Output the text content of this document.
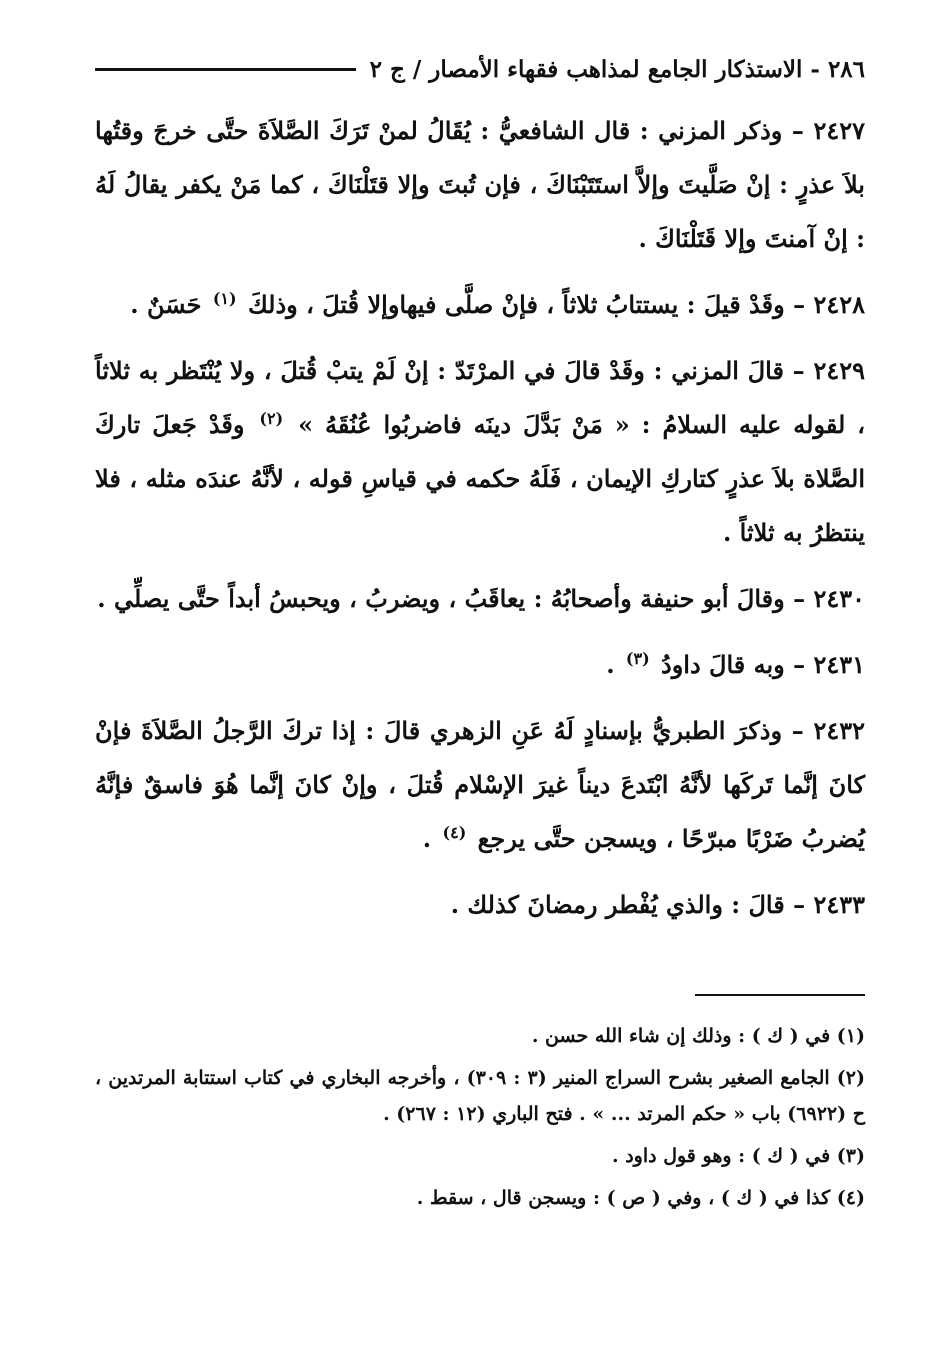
٢٨٦ - الاستذكار الجامع لمذاهب فقهاء الأمصار / ج ٢

٢٤٢٧ – وذكر المزني : قال الشافعيُّ : يُقَالُ لمنْ تَرَكَ الصَّلاَةَ حتَّى خرجَ وقتُها بلاَ عذرٍ : إنْ صَلَّيتَ وإلاَّ استَتَبْنَاكَ ، فإن تُبتَ وإلا قتَلْنَاكَ ، كما مَنْ يكفر يقالُ لَهُ : إنْ آمنتَ وإلا قَتَلْنَاكَ .

٢٤٢٨ – وقَدْ قيلَ : يستتابُ ثلاثاً ، فإنْ صلَّى فيهاوإلا قُتلَ ، وذلكَ $^{(١)}$ حَسَنٌ .

٢٤٢٩ – قالَ المزني : وقَدْ قالَ في المرْتَدّ : إنْ لَمْ يتبْ قُتلَ ، ولا يُنْتَظر به ثلاثاً ، لقوله عليه السلامُ : « مَنْ بَدَّلَ دينَه فاضربُوا عُنُقَهُ » $^{(٢)}$ وقَدْ جَعلَ تاركَ الصَّلاة بلاَ عذرٍ كتاركِ الإيمان ، فَلَهُ حكمه في قياسِ قوله ، لأنَّهُ عندَه مثله ، فلا ينتظرُ به ثلاثاً .

٢٤٣٠ – وقالَ أبو حنيفة وأصحابُهُ : يعاقَبُ ، ويضربُ ، ويحبسُ أبداً حتَّى يصلِّي .

٢٤٣١ – وبه قالَ داودُ $^{(٣)}$ .

٢٤٣٢ – وذكرَ الطبريُّ بإسنادٍ لَهُ عَنِ الزهري قالَ : إذا تركَ الرَّجلُ الصَّلاَةَ فإنْ كانَ إنَّما تَركَها لأنَّهُ ابْتَدعَ ديناً غيرَ الإسْلام قُتلَ ، وإنْ كانَ إنَّما هُوَ فاسقٌ فإنَّهُ يُضربُ ضَرْبًا مبرّحًا ، ويسجن حتَّى يرجع $^{(٤)}$ .

٢٤٣٣ – قالَ : والذي يُفْطر رمضانَ كذلك .

(١) في ( ك ) : وذلك إن شاء الله حسن .

(٢) الجامع الصغير بشرح السراج المنير (٣ : ٣٠٩) ، وأخرجه البخاري في كتاب استتابة المرتدين ، ح (٦٩٢٢) باب « حكم المرتد ... » . فتح الباري (١٢ : ٢٦٧) .

(٣) في ( ك ) : وهو قول داود .

(٤) كذا في ( ك ) ، وفي ( ص ) : ويسجن قال ، سقط .
